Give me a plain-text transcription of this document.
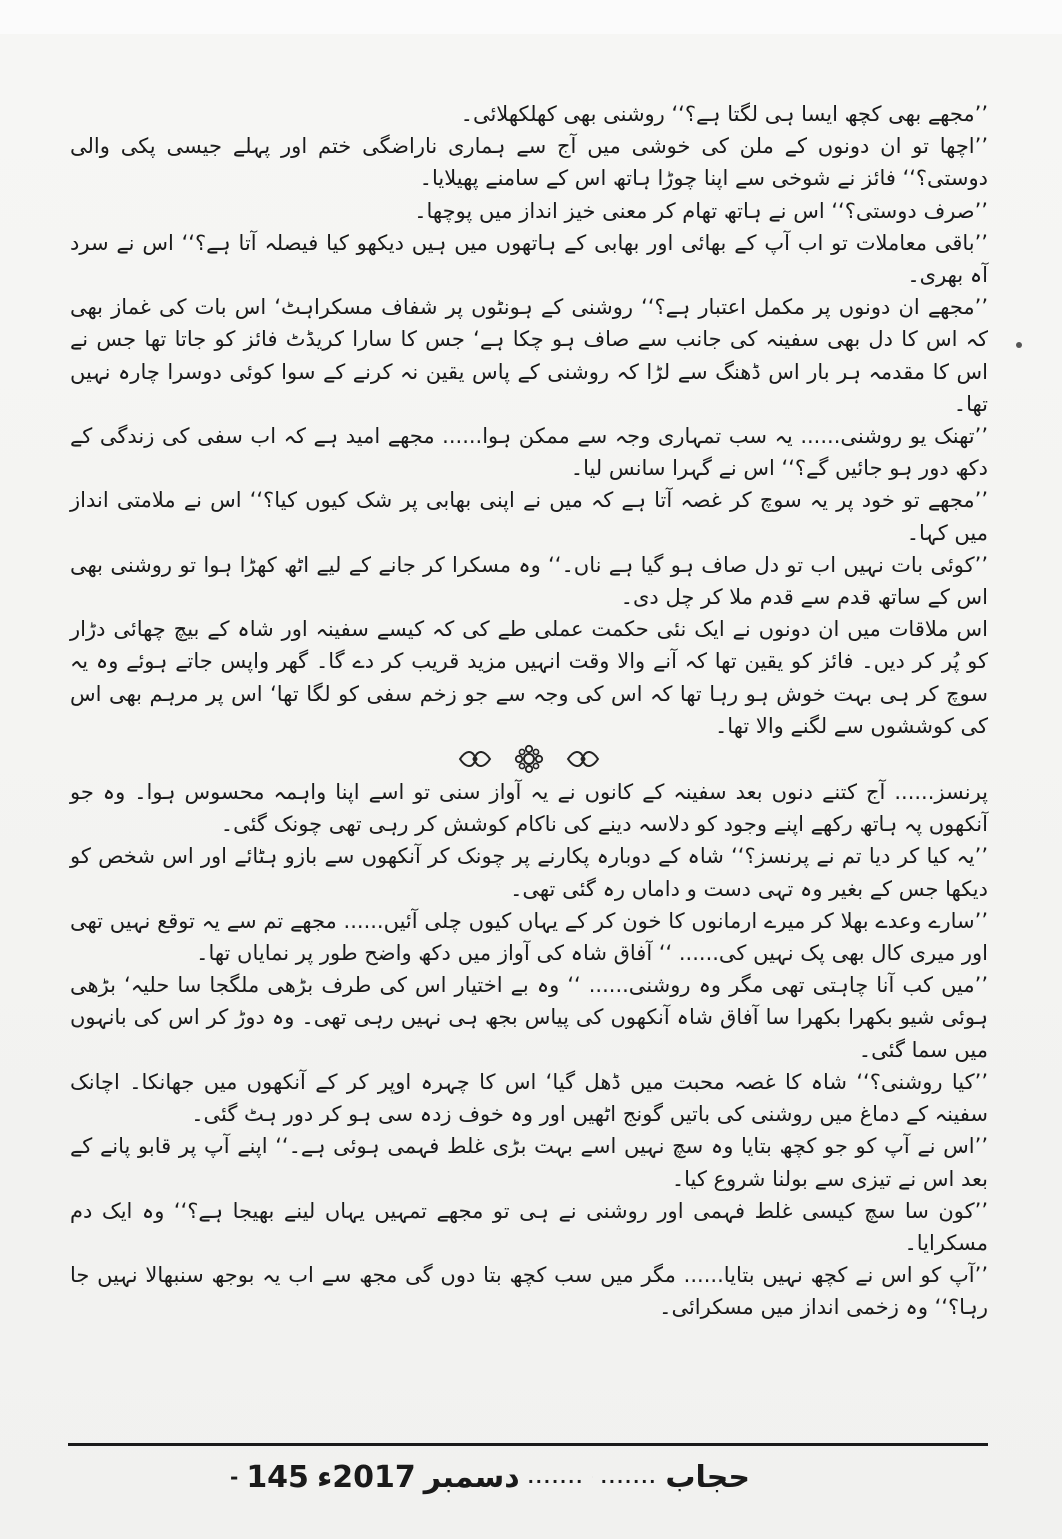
’’مجھے بھی کچھ ایسا ہی لگتا ہے؟‘‘ روشنی بھی کھلکھلائی۔

’’اچھا تو ان دونوں کے ملن کی خوشی میں آج سے ہماری ناراضگی ختم اور پہلے جیسی پکی والی دوستی؟‘‘ فائز نے شوخی سے اپنا چوڑا ہاتھ اس کے سامنے پھیلایا۔

’’صرف دوستی؟‘‘ اس نے ہاتھ تھام کر معنی خیز انداز میں پوچھا۔

’’باقی معاملات تو اب آپ کے بھائی اور بھابی کے ہاتھوں میں ہیں دیکھو کیا فیصلہ آتا ہے؟‘‘ اس نے سرد آہ بھری۔

’’مجھے ان دونوں پر مکمل اعتبار ہے؟‘‘ روشنی کے ہونٹوں پر شفاف مسکراہٹ‘ اس بات کی غماز بھی کہ اس کا دل بھی سفینہ کی جانب سے صاف ہو چکا ہے‘ جس کا سارا کریڈٹ فائز کو جاتا تھا جس نے اس کا مقدمہ ہر بار اس ڈھنگ سے لڑا کہ روشنی کے پاس یقین نہ کرنے کے سوا کوئی دوسرا چارہ نہیں تھا۔

’’تھنک یو روشنی...... یہ سب تمہاری وجہ سے ممکن ہوا...... مجھے امید ہے کہ اب سفی کی زندگی کے دکھ دور ہو جائیں گے؟‘‘ اس نے گہرا سانس لیا۔

’’مجھے تو خود پر یہ سوچ کر غصہ آتا ہے کہ میں نے اپنی بھابی پر شک کیوں کیا؟‘‘ اس نے ملامتی انداز میں کہا۔

’’کوئی بات نہیں اب تو دل صاف ہو گیا ہے ناں۔‘‘ وہ مسکرا کر جانے کے لیے اٹھ کھڑا ہوا تو روشنی بھی اس کے ساتھ قدم سے قدم ملا کر چل دی۔

اس ملاقات میں ان دونوں نے ایک نئی حکمت عملی طے کی کہ کیسے سفینہ اور شاہ کے بیچ چھائی دڑار کو پُر کر دیں۔ فائز کو یقین تھا کہ آنے والا وقت انہیں مزید قریب کر دے گا۔ گھر واپس جاتے ہوئے وہ یہ سوچ کر ہی بہت خوش ہو رہا تھا کہ اس کی وجہ سے جو زخم سفی کو لگا تھا‘ اس پر مرہم بھی اس کی کوششوں سے لگنے والا تھا۔

پرنسز...... آج کتنے دنوں بعد سفینہ کے کانوں نے یہ آواز سنی تو اسے اپنا واہمہ محسوس ہوا۔ وہ جو آنکھوں پہ ہاتھ رکھے اپنے وجود کو دلاسہ دینے کی ناکام کوشش کر رہی تھی چونک گئی۔

’’یہ کیا کر دیا تم نے پرنسز؟‘‘ شاہ کے دوبارہ پکارنے پر چونک کر آنکھوں سے بازو ہٹائے اور اس شخص کو دیکھا جس کے بغیر وہ تہی دست و داماں رہ گئی تھی۔

’’سارے وعدے بھلا کر میرے ارمانوں کا خون کر کے یہاں کیوں چلی آئیں...... مجھے تم سے یہ توقع نہیں تھی اور میری کال بھی پک نہیں کی...... ‘‘ آفاق شاہ کی آواز میں دکھ واضح طور پر نمایاں تھا۔

’’میں کب آنا چاہتی تھی مگر وہ روشنی...... ‘‘ وہ بے اختیار اس کی طرف بڑھی ملگجا سا حلیہ‘ بڑھی ہوئی شیو بکھرا بکھرا سا آفاق شاہ آنکھوں کی پیاس بجھ ہی نہیں رہی تھی۔ وہ دوڑ کر اس کی بانہوں میں سما گئی۔

’’کیا روشنی؟‘‘ شاہ کا غصہ محبت میں ڈھل گیا‘ اس کا چہرہ اوپر کر کے آنکھوں میں جھانکا۔ اچانک سفینہ کے دماغ میں روشنی کی باتیں گونج اٹھیں اور وہ خوف زدہ سی ہو کر دور ہٹ گئی۔

’’اس نے آپ کو جو کچھ بتایا وہ سچ نہیں اسے بہت بڑی غلط فہمی ہوئی ہے۔‘‘ اپنے آپ پر قابو پانے کے بعد اس نے تیزی سے بولنا شروع کیا۔

’’کون سا سچ کیسی غلط فہمی اور روشنی نے ہی تو مجھے تمہیں یہاں لینے بھیجا ہے؟‘‘ وہ ایک دم مسکرایا۔

’’آپ کو اس نے کچھ نہیں بتایا...... مگر میں سب کچھ بتا دوں گی مجھ سے اب یہ بوجھ سنبھالا نہیں جا رہا؟‘‘ وہ زخمی انداز میں مسکرائی۔

حجاب
.......
.......
دسمبر
2017ء
145
-
